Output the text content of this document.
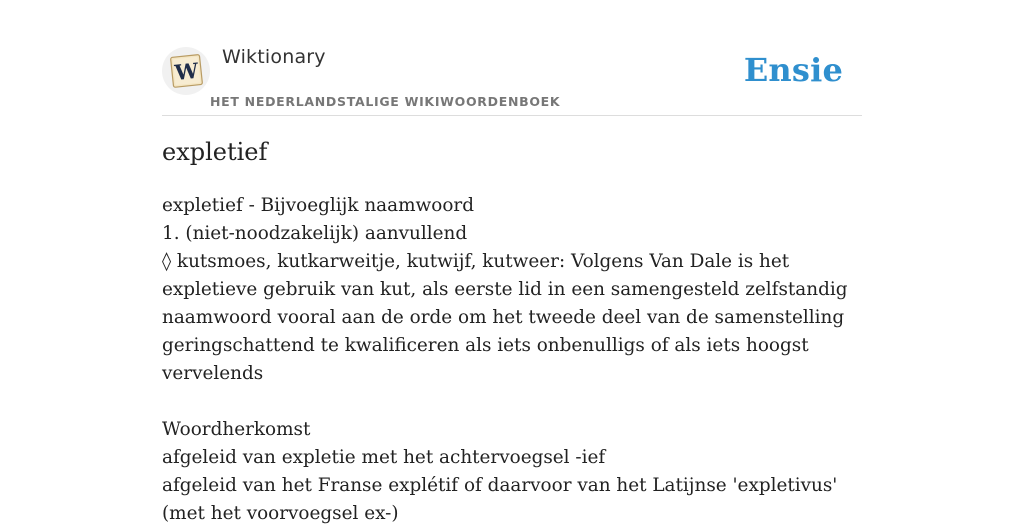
W
Wiktionary
HET NEDERLANDSTALIGE WIKIWOORDENBOEK
Ensie
expletief
expletief - Bijvoeglijk naamwoord
1. (niet-noodzakelijk) aanvullend
◊ kutsmoes, kutkarweitje, kutwijf, kutweer: Volgens Van Dale is het expletieve gebruik van kut, als eerste lid in een samengesteld zelfstandig naamwoord vooral aan de orde om het tweede deel van de samenstelling geringschattend te kwalificeren als iets onbenulligs of als iets hoogst vervelends
Woordherkomst
afgeleid van expletie met het achtervoegsel -ief
afgeleid van het Franse explétif of daarvoor van het Latijnse 'expletivus' (met het voorvoegsel ex-)
